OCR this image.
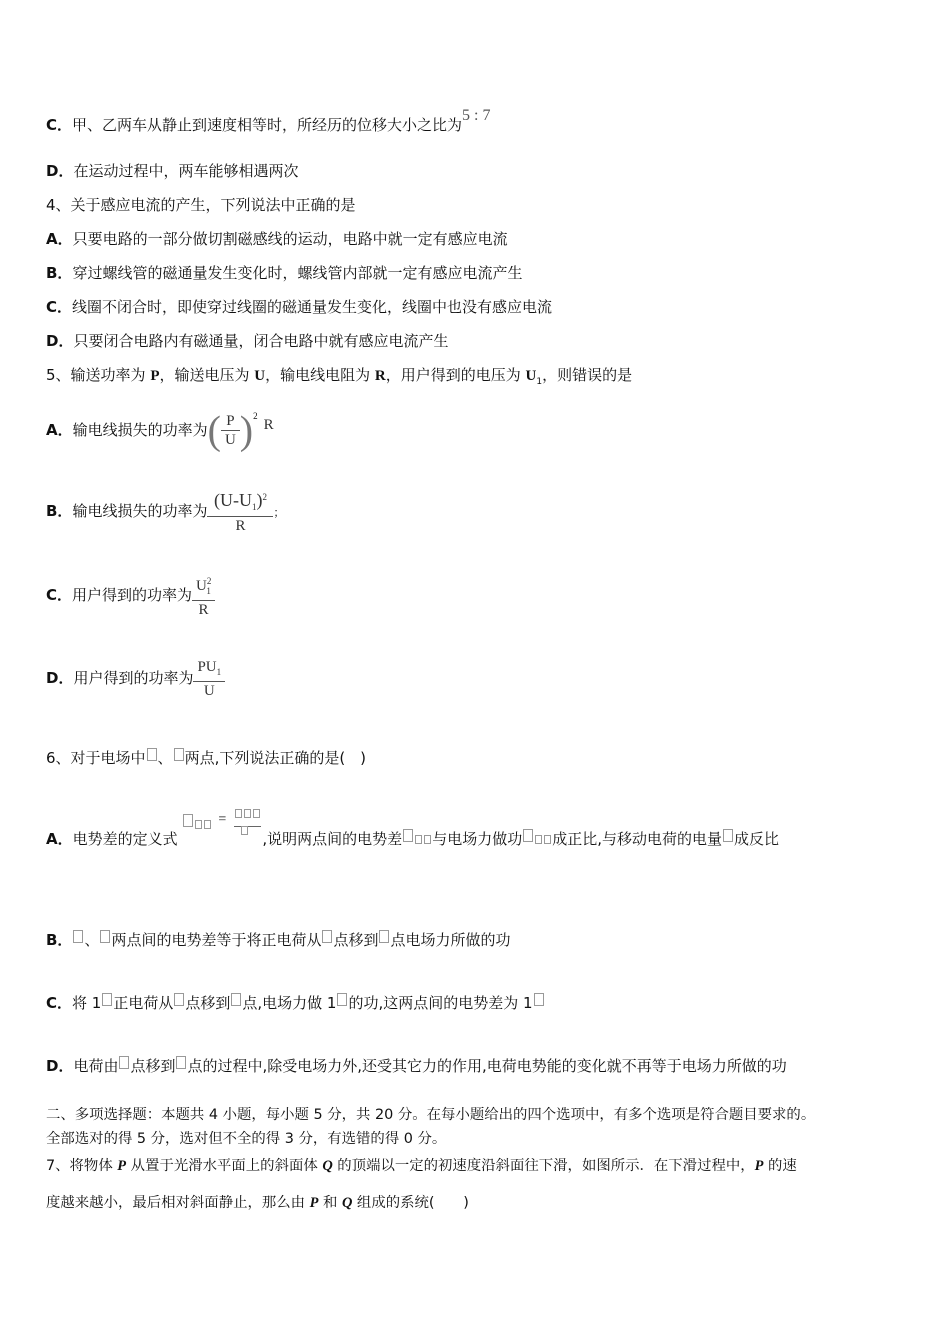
C．甲、乙两车从静止到速度相等时，所经历的位移大小之比为5 : 7
D．在运动过程中，两车能够相遇两次
4、关于感应电流的产生，下列说法中正确的是
A．只要电路的一部分做切割磁感线的运动，电路中就一定有感应电流
B．穿过螺线管的磁通量发生变化时，螺线管内部就一定有感应电流产生
C．线圈不闭合时，即使穿过线圈的磁通量发生变化，线圈中也没有感应电流
D．只要闭合电路内有磁通量，闭合电路中就有感应电流产生
5、输送功率为 P，输送电压为 U，输电线电阻为 R，用户得到的电压为 $U_1$，则错误的是
A．输电线损失的功率为( $\frac{P}{U} )^2R$
B．输电线损失的功率为 $\frac{(U-U_1)^2}{R}$ ；
C．用户得到的功率为 $\frac{U^2_1}{R}$
D．用户得到的功率为 $\frac{PU_1}{U}$
6、对于电场中 、 两点,下列说法正确的是(　)
A．电势差的定义式
=
,说明两点间的电势差 与电场力做功 成正比,与移动电荷的电量 成反比
B． 、 两点间的电势差等于将正电荷从 点移到 点电场力所做的功
C．将 1 正电荷从 点移到 点,电场力做 1 的功,这两点间的电势差为 1
D．电荷由 点移到 点的过程中,除受电场力外,还受其它力的作用,电荷电势能的变化就不再等于电场力所做的功
二、多项选择题：本题共 4 小题，每小题 5 分，共 20 分。在每小题给出的四个选项中，有多个选项是符合题目要求的。
全部选对的得 5 分，选对但不全的得 3 分，有选错的得 0 分。
7、将物体 P 从置于光滑水平面上的斜面体 Q 的顶端以一定的初速度沿斜面往下滑，如图所示．在下滑过程中，P 的速
度越来越小，最后相对斜面静止，那么由 P 和 Q 组成的系统(　　)
